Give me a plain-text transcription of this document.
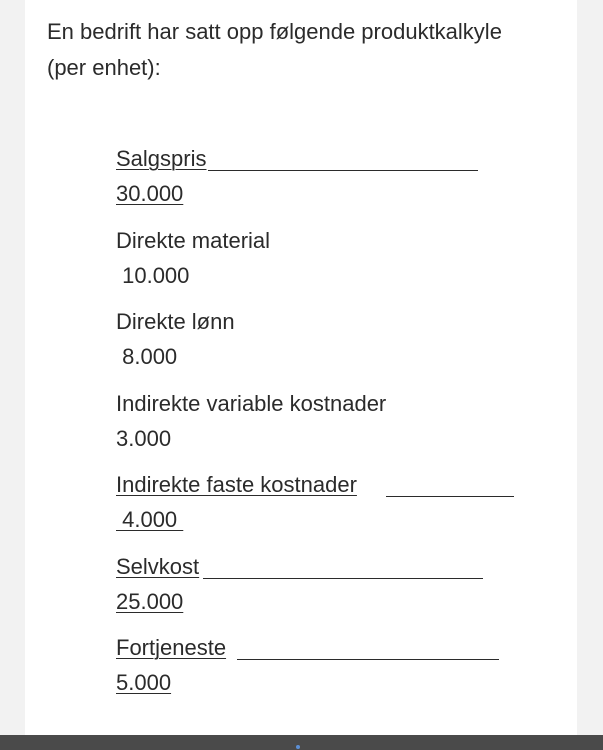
En bedrift har satt opp følgende produktkalkyle (per enhet):

Salgspris
30.000
Direkte material
10.000
Direkte lønn
8.000
Indirekte variable kostnader
3.000
Indirekte faste kostnader
4.000
Selvkost
25.000
Fortjeneste
5.000
